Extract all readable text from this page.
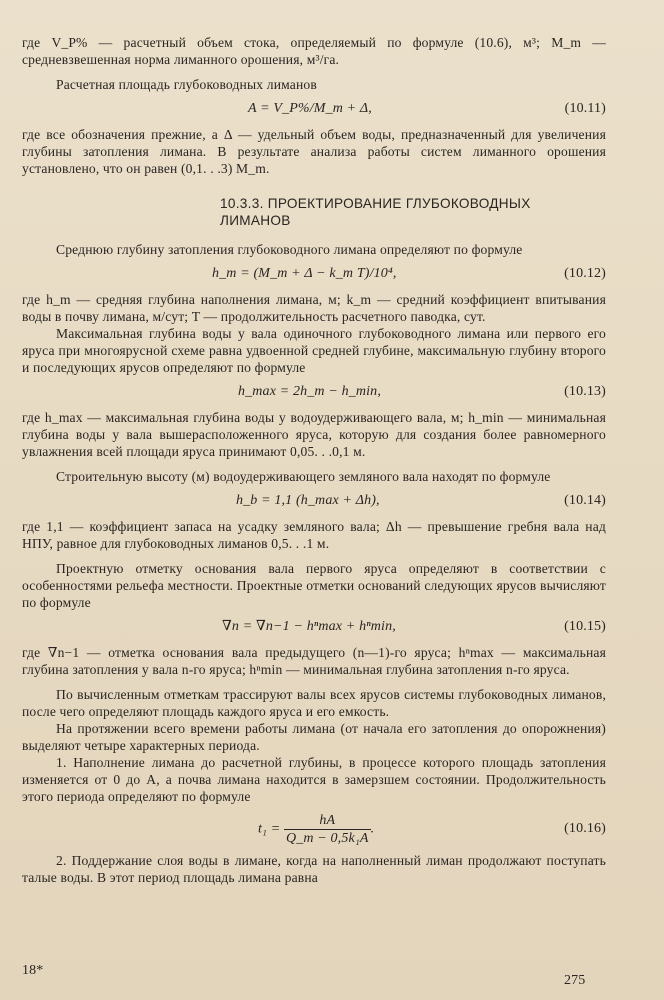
где V_P% — расчетный объем стока, определяемый по формуле (10.6), м³; M_m — средневзвешенная норма лиманного орошения, м³/га.

Расчетная площадь глубоководных лиманов

A = V_P%/M_m + Δ,	(10.11)

где все обозначения прежние, а Δ — удельный объем воды, предназначенный для увеличения глубины затопления лимана. В результате анализа работы систем лиманного орошения установлено, что он равен (0,1. . .3) M_m.

10.3.3. ПРОЕКТИРОВАНИЕ ГЛУБОКОВОДНЫХ
ЛИМАНОВ

Среднюю глубину затопления глубоководного лимана определяют по формуле

h_m = (M_m + Δ − k_m T)/10⁴,	(10.12)

где h_m — средняя глубина наполнения лимана, м; k_m — средний коэффициент впитывания воды в почву лимана, м/сут; T — продолжительность расчетного паводка, сут.

Максимальная глубина воды у вала одиночного глубоководного лимана или первого его яруса при многоярусной схеме равна удвоенной средней глубине, максимальную глубину второго и последующих ярусов определяют по формуле

h_max = 2h_m − h_min,	(10.13)

где h_max — максимальная глубина воды у водоудерживающего вала, м; h_min — минимальная глубина воды у вала вышерасположенного яруса, которую для создания более равномерного увлажнения всей площади яруса принимают 0,05. . .0,1 м.

Строительную высоту (м) водоудерживающего земляного вала находят по формуле

h_b = 1,1 (h_max + Δh),	(10.14)

где 1,1 — коэффициент запаса на усадку земляного вала; Δh — превышение гребня вала над НПУ, равное для глубоководных лиманов 0,5. . .1 м.

Проектную отметку основания вала первого яруса определяют в соответствии с особенностями рельефа местности. Проектные отметки оснований следующих ярусов вычисляют по формуле

∇n = ∇n−1 − hⁿmax + hⁿmin,	(10.15)

где ∇n−1 — отметка основания вала предыдущего (n—1)-го яруса; hⁿmax — максимальная глубина затопления у вала n-го яруса; hⁿmin — минимальная глубина затопления n-го яруса.

По вычисленным отметкам трассируют валы всех ярусов системы глубоководных лиманов, после чего определяют площадь каждого яруса и его емкость.

На протяжении всего времени работы лимана (от начала его затопления до опорожнения) выделяют четыре характерных периода.

1. Наполнение лимана до расчетной глубины, в процессе которого площадь затопления изменяется от 0 до A, а почва лимана находится в замерзшем состоянии. Продолжительность этого периода определяют по формуле

$t_1 = \frac{hA}{\text{Q\_m − 0,5k₁A}}$ .	(10.16)

2. Поддержание слоя воды в лимане, когда на наполненный лиман продолжают поступать талые воды. В этот период площадь лимана равна

18*
275
